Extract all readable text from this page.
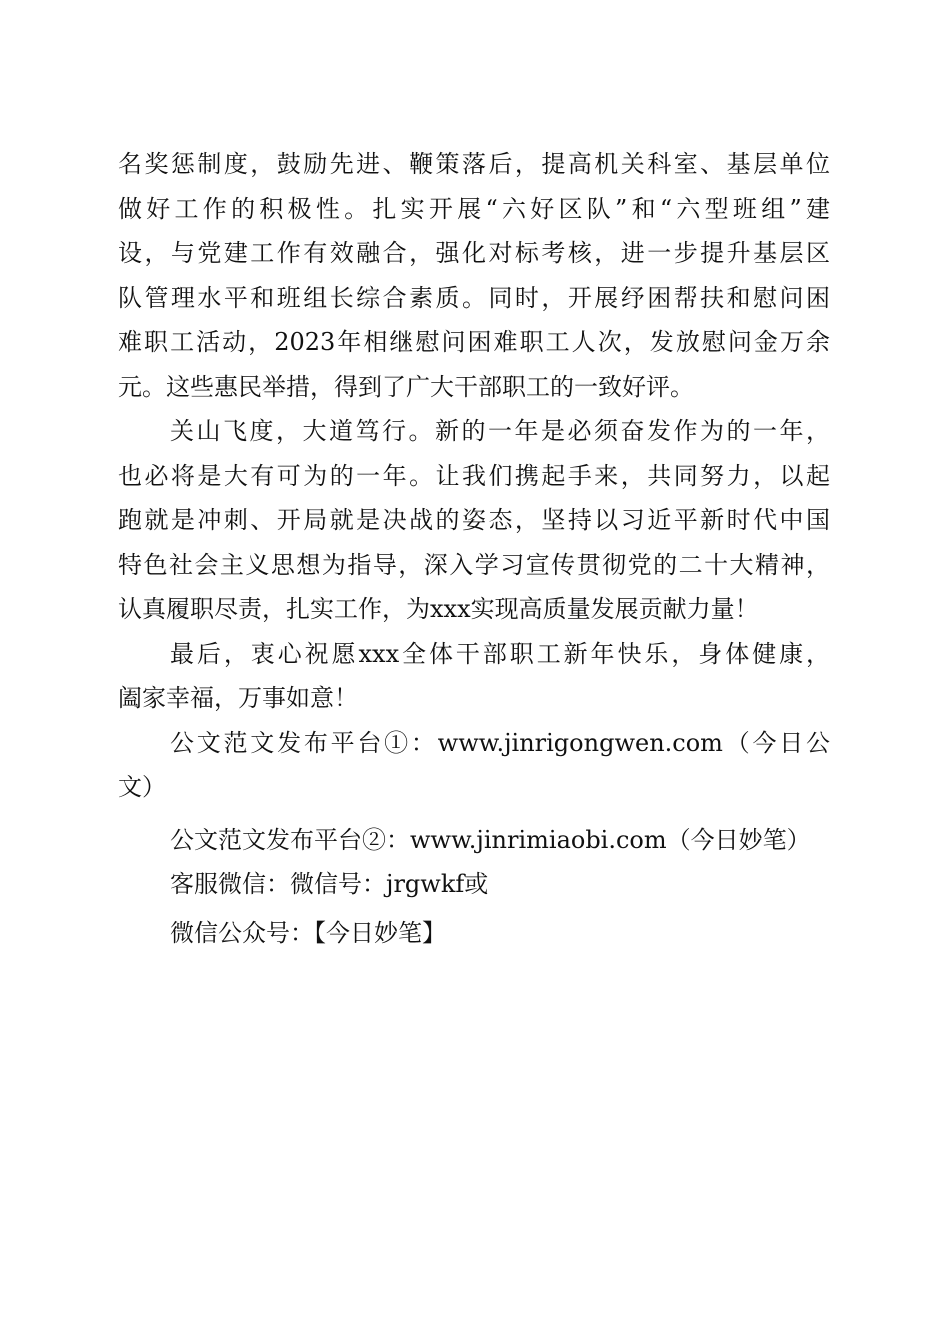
名奖惩制度，鼓励先进、鞭策落后，提高机关科室、基层单位
做好工作的积极性。扎实开展“六好区队”和“六型班组”建
设，与党建工作有效融合，强化对标考核，进一步提升基层区
队管理水平和班组长综合素质。同时，开展纾困帮扶和慰问困
难职工活动，2023年相继慰问困难职工人次，发放慰问金万余
元。这些惠民举措，得到了广大干部职工的一致好评。
关山飞度，大道笃行。新的一年是必须奋发作为的一年，
也必将是大有可为的一年。让我们携起手来，共同努力，以起
跑就是冲刺、开局就是决战的姿态，坚持以习近平新时代中国
特色社会主义思想为指导，深入学习宣传贯彻党的二十大精神，
认真履职尽责，扎实工作，为xxx实现高质量发展贡献力量！
最后，衷心祝愿xxx全体干部职工新年快乐，身体健康，
阖家幸福，万事如意！
公文范文发布平台①：www.jinrigongwen.com（今日公
文）
公文范文发布平台②：www.jinrimiaobi.com（今日妙笔）
客服微信：微信号：jrgwkf或
微信公众号：【今日妙笔】
